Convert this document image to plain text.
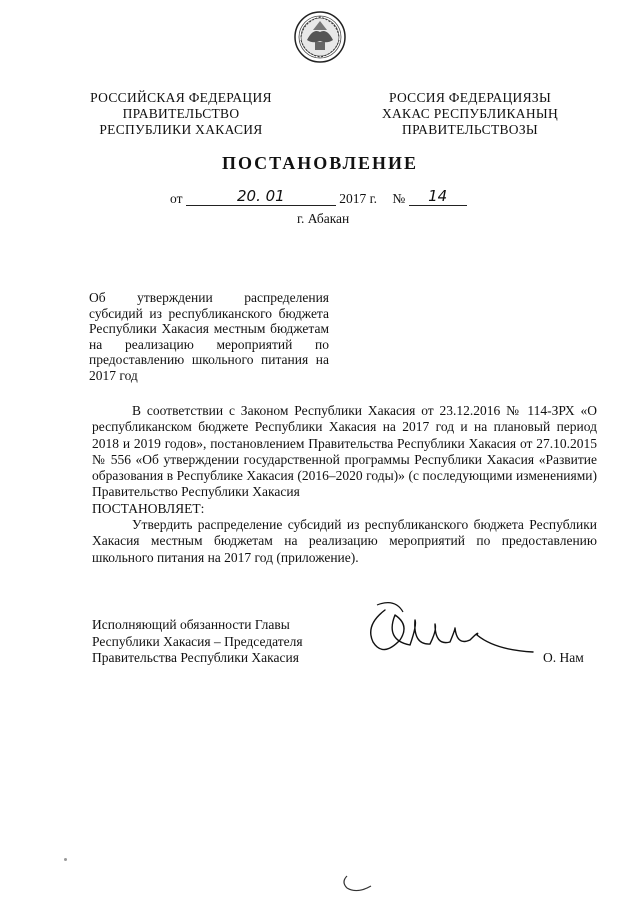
РОССИЙСКАЯ ФЕДЕРАЦИЯ
ПРАВИТЕЛЬСТВО
РЕСПУБЛИКИ ХАКАСИЯ
РОССИЯ ФЕДЕРАЦИЯЗЫ
ХАКАС РЕСПУБЛИКАНЫҢ
ПРАВИТЕЛЬСТВОЗЫ
ПОСТАНОВЛЕНИЕ
от	20. 01	2017 г. № 14
г. Абакан
Об утверждении распределения субсидий из республиканского бюджета Республики Хакасия местным бюджетам на реализацию мероприятий по предоставлению школьного питания на 2017 год

В соответствии с Законом Республики Хакасия от 23.12.2016 № 114-ЗРХ «О республиканском бюджете Республики Хакасия на 2017 год и на плановый период 2018 и 2019 годов», постановлением Правительства Республики Хакасия от 27.10.2015 № 556 «Об утверждении государственной программы Республики Хакасия «Развитие образования в Республике Хакасия (2016–2020 годы)» (с последующими изменениями) Правительство Республики Хакасия

ПОСТАНОВЛЯЕТ:

Утвердить распределение субсидий из республиканского бюджета Республики Хакасия местным бюджетам на реализацию мероприятий по предоставлению школьного питания на 2017 год (приложение).

Исполняющий обязанности Главы
Республики Хакасия – Председателя
Правительства Республики Хакасия	О. Нам
